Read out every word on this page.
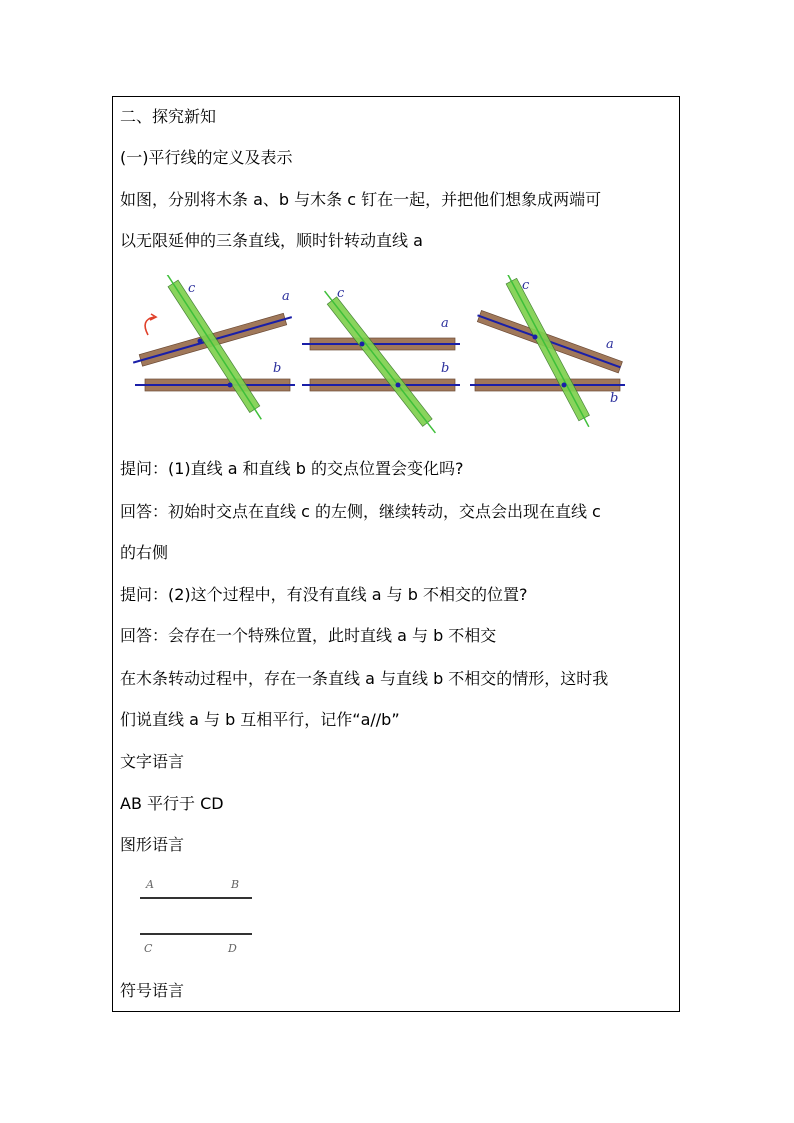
二、探究新知
(一)平行线的定义及表示
如图，分别将木条 a、b 与木条 c 钉在一起，并把他们想象成两端可
以无限延伸的三条直线，顺时针转动直线 a
c
a
b
c
a
b
c
a
b
提问：(1)直线 a 和直线 b 的交点位置会变化吗?
回答：初始时交点在直线 c 的左侧，继续转动，交点会出现在直线 c
的右侧
提问：(2)这个过程中，有没有直线 a 与 b 不相交的位置?
回答：会存在一个特殊位置，此时直线 a 与 b 不相交
在木条转动过程中，存在一条直线 a 与直线 b 不相交的情形，这时我
们说直线 a 与 b 互相平行，记作“a//b”
文字语言
AB 平行于 CD
图形语言
A	B
C	D
符号语言
